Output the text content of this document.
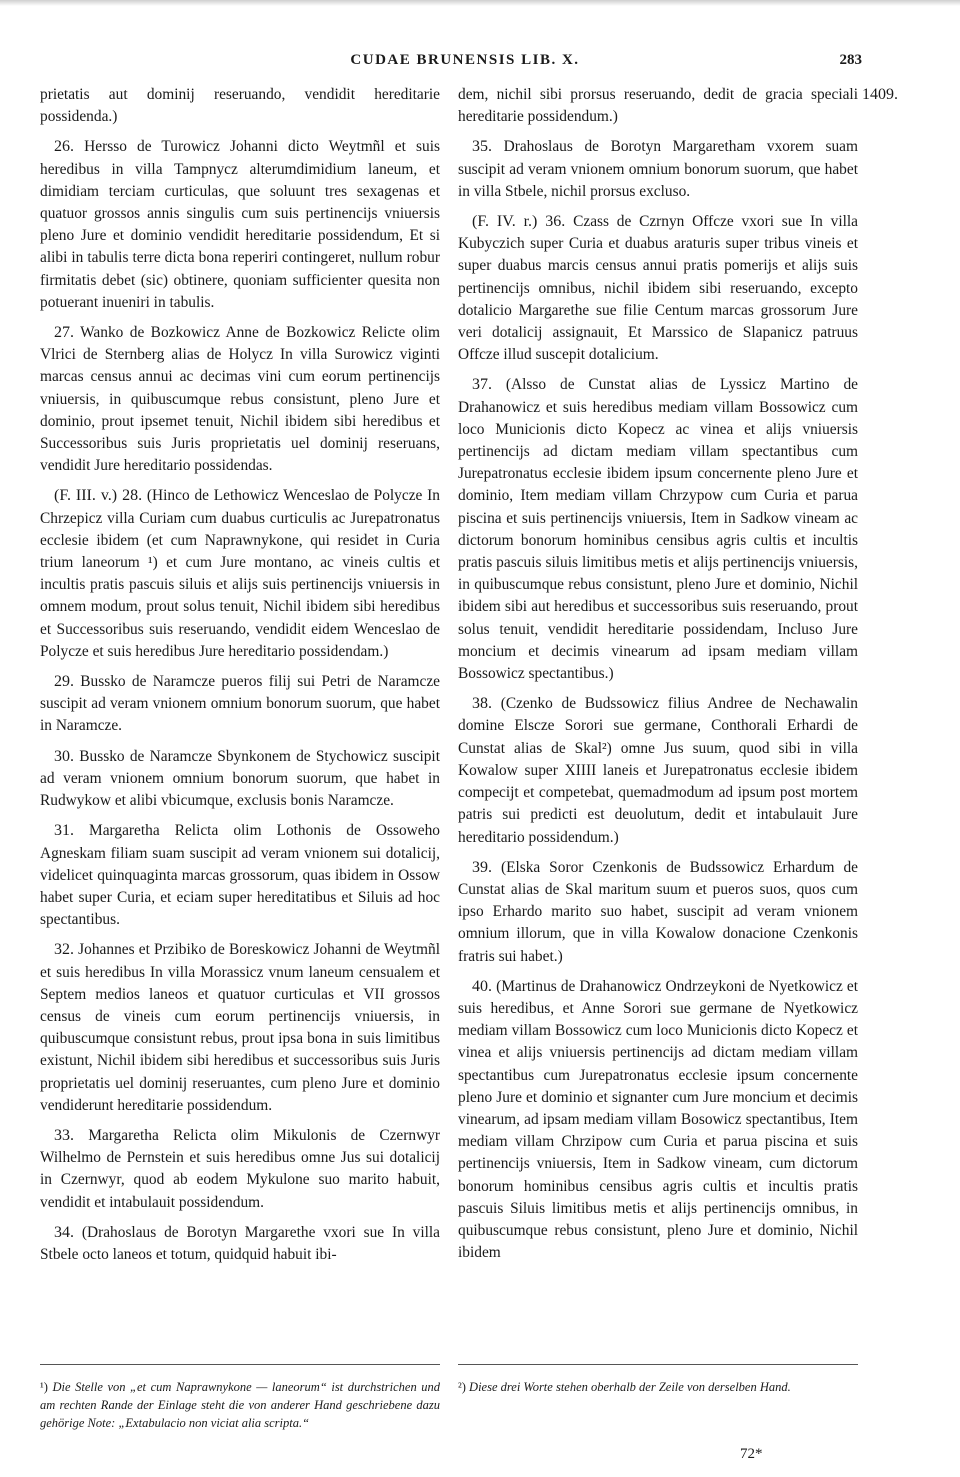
CUDAE BRUNENSIS LIB. X.	283
1409.

prietatis aut dominij reseruando, vendidit hereditarie possidenda.)

26. Hersso de Turowicz Johanni dicto Weytmñl et suis heredibus in villa Tampnycz alterumdimidium laneum, et dimidiam terciam curticulas, que soluunt tres sexagenas et quatuor grossos annis singulis cum suis pertinencijs vniuersis pleno Jure et dominio vendidit hereditarie possidendum, Et si alibi in tabulis terre dicta bona reperiri contingeret, nullum robur firmitatis debet (sic) obtinere, quoniam sufficienter quesita non potuerant inueniri in tabulis.

27. Wanko de Bozkowicz Anne de Bozkowicz Relicte olim Vlrici de Sternberg alias de Holycz In villa Surowicz viginti marcas census annui ac decimas vini cum eorum pertinencijs vniuersis, in quibuscumque rebus consistunt, pleno Jure et dominio, prout ipsemet tenuit, Nichil ibidem sibi heredibus et Successoribus suis Juris proprietatis uel dominij reseruans, vendidit Jure hereditario possidendas.

(F. III. v.) 28. (Hinco de Lethowicz Wenceslao de Polycze In Chrzepicz villa Curiam cum duabus curticulis ac Jurepatronatus ecclesie ibidem (et cum Naprawnykone, qui residet in Curia trium laneorum ¹) et cum Jure montano, ac vineis cultis et incultis pratis pascuis siluis et alijs suis pertinencijs vniuersis in omnem modum, prout solus tenuit, Nichil ibidem sibi heredibus et Successoribus suis reseruando, vendidit eidem Wenceslao de Polycze et suis heredibus Jure hereditario possidendam.)

29. Bussko de Naramcze pueros filij sui Petri de Naramcze suscipit ad veram vnionem omnium bonorum suorum, que habet in Naramcze.

30. Bussko de Naramcze Sbynkonem de Stychowicz suscipit ad veram vnionem omnium bonorum suorum, que habet in Rudwykow et alibi vbicumque, exclusis bonis Naramcze.

31. Margaretha Relicta olim Lothonis de Ossoweho Agneskam filiam suam suscipit ad veram vnionem sui dotalicij, videlicet quinquaginta marcas grossorum, quas ibidem in Ossow habet super Curia, et eciam super hereditatibus et Siluis ad hoc spectantibus.

32. Johannes et Przibiko de Boreskowicz Johanni de Weytmñl et suis heredibus In villa Morassicz vnum laneum censualem et Septem medios laneos et quatuor curticulas et VII grossos census de vineis cum eorum pertinencijs vniuersis, in quibuscumque consistunt rebus, prout ipsa bona in suis limitibus existunt, Nichil ibidem sibi heredibus et successoribus suis Juris proprietatis uel dominij reseruantes, cum pleno Jure et dominio vendiderunt hereditarie possidendum.

33. Margaretha Relicta olim Mikulonis de Czernwyr Wilhelmo de Pernstein et suis heredibus omne Jus sui dotalicij in Czernwyr, quod ab eodem Mykulone suo marito habuit, vendidit et intabulauit possidendum.

34. (Drahoslaus de Borotyn Margarethe vxori sue In villa Stbele octo laneos et totum, quidquid habuit ibi-

dem, nichil sibi prorsus reseruando, dedit de gracia speciali hereditarie possidendum.)

35. Drahoslaus de Borotyn Margaretham vxorem suam suscipit ad veram vnionem omnium bonorum suorum, que habet in villa Stbele, nichil prorsus excluso.

(F. IV. r.) 36. Czass de Czrnyn Offcze vxori sue In villa Kubyczich super Curia et duabus araturis super tribus vineis et super duabus marcis census annui pratis pomerijs et alijs suis pertinencijs omnibus, nichil ibidem sibi reseruando, excepto dotalicio Margarethe sue filie Centum marcas grossorum Jure veri dotalicij assignauit, Et Marssico de Slapanicz patruus Offcze illud suscepit dotalicium.

37. (Alsso de Cunstat alias de Lyssicz Martino de Drahanowicz et suis heredibus mediam villam Bossowicz cum loco Municionis dicto Kopecz ac vinea et alijs vniuersis pertinencijs ad dictam mediam villam spectantibus cum Jurepatronatus ecclesie ibidem ipsum concernente pleno Jure et dominio, Item mediam villam Chrzypow cum Curia et parua piscina et suis pertinencijs vniuersis, Item in Sadkow vineam ac dictorum bonorum hominibus censibus agris cultis et incultis pratis pascuis siluis limitibus metis et alijs pertinencijs vniuersis, in quibuscumque rebus consistunt, pleno Jure et dominio, Nichil ibidem sibi aut heredibus et successoribus suis reseruando, prout solus tenuit, vendidit hereditarie possidendam, Incluso Jure moncium et decimis vinearum ad ipsam mediam villam Bossowicz spectantibus.)

38. (Czenko de Budssowicz filius Andree de Nechawalin domine Elscze Sorori sue germane, Conthorali Erhardi de Cunstat alias de Skal²) omne Jus suum, quod sibi in villa Kowalow super XIIII laneis et Jurepatronatus ecclesie ibidem compecijt et competebat, quemadmodum ad ipsum post mortem patris sui predicti est deuolutum, dedit et intabulauit Jure hereditario possidendum.)

39. (Elska Soror Czenkonis de Budssowicz Erhardum de Cunstat alias de Skal maritum suum et pueros suos, quos cum ipso Erhardo marito suo habet, suscipit ad veram vnionem omnium illorum, que in villa Kowalow donacione Czenkonis fratris sui habet.)

40. (Martinus de Drahanowicz Ondrzeykoni de Nyetkowicz et suis heredibus, et Anne Sorori sue germane de Nyetkowicz mediam villam Bossowicz cum loco Municionis dicto Kopecz et vinea et alijs vniuersis pertinencijs ad dictam mediam villam spectantibus cum Jurepatronatus ecclesie ipsum concernente pleno Jure et dominio et signanter cum Jure moncium et decimis vinearum, ad ipsam mediam villam Bosowicz spectantibus, Item mediam villam Chrzipow cum Curia et parua piscina et suis pertinencijs vniuersis, Item in Sadkow vineam, cum dictorum bonorum hominibus censibus agris cultis et incultis pratis pascuis Siluis limitibus metis et alijs pertinencijs omnibus, in quibuscumque rebus consistunt, pleno Jure et dominio, Nichil ibidem

¹) Die Stelle von „et cum Naprawnykone — laneorum“ ist durchstrichen und am rechten Rande der Einlage steht die von anderer Hand geschriebene dazu gehörige Note: „Extabulacio non viciat alia scripta.“
²) Diese drei Worte stehen oberhalb der Zeile von derselben Hand.
72*
